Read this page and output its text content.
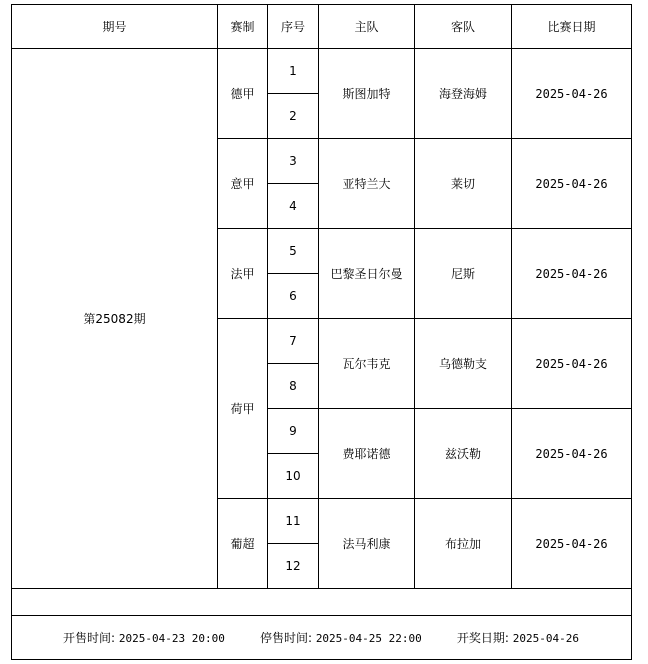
期号	赛制	序号	主队	客队	比赛日期
第25082期	德甲	1	斯图加特	海登海姆	2025-04-26
		2			
	意甲	3	亚特兰大	莱切	2025-04-26
		4			
	法甲	5	巴黎圣日尔曼	尼斯	2025-04-26
		6			
	荷甲	7	瓦尔韦克	乌德勒支	2025-04-26
		8			
		9	费耶诺德	兹沃勒	2025-04-26
		10			
	葡超	11	法马利康	布拉加	2025-04-26
		12			

开售时间: 2025-04-23 20:00 停售时间: 2025-04-25 22:00 开奖日期: 2025-04-26					
